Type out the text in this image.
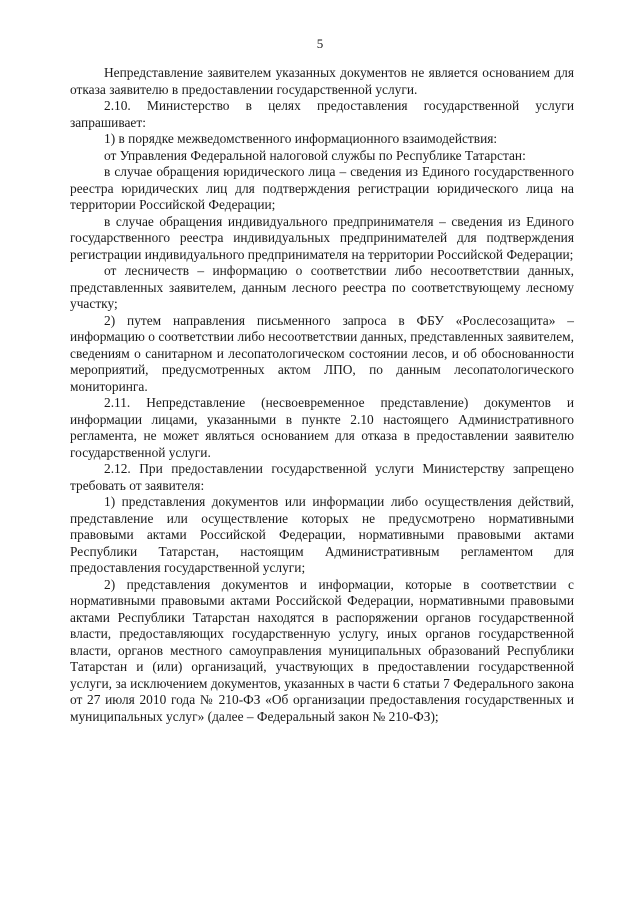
5

Непредставление заявителем указанных документов не является основанием для отказа заявителю в предоставлении государственной услуги.

2.10. Министерство в целях предоставления государственной услуги запрашивает:

1) в порядке межведомственного информационного взаимодействия:

от Управления Федеральной налоговой службы по Республике Татарстан:

в случае обращения юридического лица – сведения из Единого государственного реестра юридических лиц для подтверждения регистрации юридического лица на территории Российской Федерации;

в случае обращения индивидуального предпринимателя – сведения из Единого государственного реестра индивидуальных предпринимателей для подтверждения регистрации индивидуального предпринимателя на территории Российской Федерации;

от лесничеств – информацию о соответствии либо несоответствии данных, представленных заявителем, данным лесного реестра по соответствующему лесному участку;

2) путем направления письменного запроса в ФБУ «Рослесозащита» – информацию о соответствии либо несоответствии данных, представленных заявителем, сведениям о санитарном и лесопатологическом состоянии лесов, и об обоснованности мероприятий, предусмотренных актом ЛПО, по данным лесопатологического мониторинга.

2.11. Непредставление (несвоевременное представление) документов и информации лицами, указанными в пункте 2.10 настоящего Административного регламента, не может являться основанием для отказа в предоставлении заявителю государственной услуги.

2.12. При предоставлении государственной услуги Министерству запрещено требовать от заявителя:

1) представления документов или информации либо осуществления действий, представление или осуществление которых не предусмотрено нормативными правовыми актами Российской Федерации, нормативными правовыми актами Республики Татарстан, настоящим Административным регламентом для предоставления государственной услуги;

2) представления документов и информации, которые в соответствии с нормативными правовыми актами Российской Федерации, нормативными правовыми актами Республики Татарстан находятся в распоряжении органов государственной власти, предоставляющих государственную услугу, иных органов государственной власти, органов местного самоуправления муниципальных образований Республики Татарстан и (или) организаций, участвующих в предоставлении государственной услуги, за исключением документов, указанных в части 6 статьи 7 Федерального закона от 27 июля 2010 года № 210-ФЗ «Об организации предоставления государственных и муниципальных услуг» (далее – Федеральный закон № 210-ФЗ);
